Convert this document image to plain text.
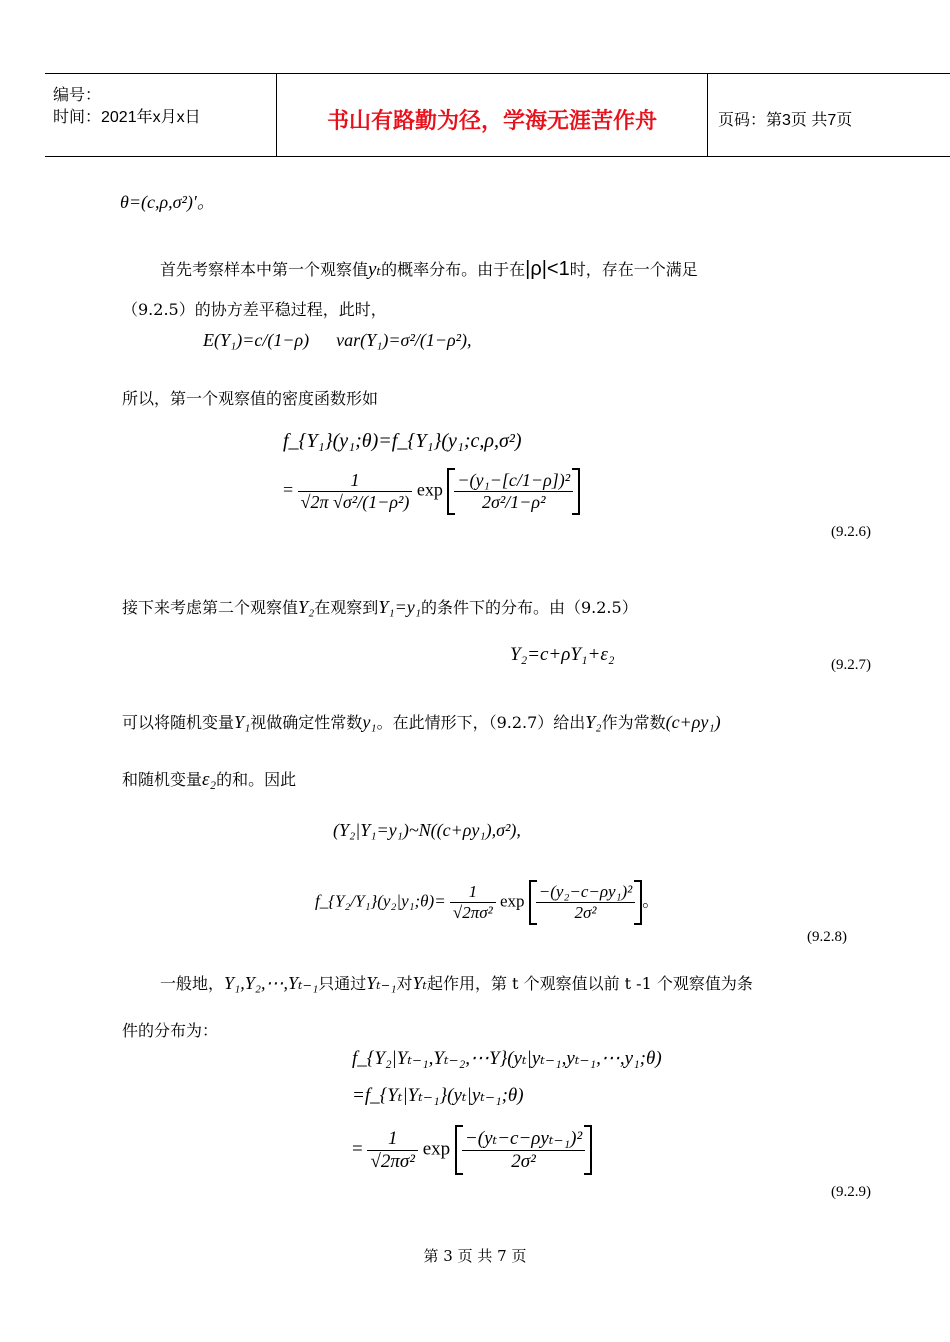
编号：
时间：2021年x月x日	书山有路勤为径，学海无涯苦作舟	页码：第3页 共7页
θ=(c,ρ,σ²)′。
首先考察样本中第一个观察值yₜ的概率分布。由于在|ρ|<1时，存在一个满足
（9.2.5）的协方差平稳过程，此时，
E(Y₁)=c/(1−ρ)      var(Y₁)=σ²/(1−ρ²),
所以，第一个观察值的密度函数形如
f_{Y₁}(y₁;θ)=f_{Y₁}(y₁;c,ρ,σ²)
= $\frac{1}{\text{√2π √σ²/(1−ρ²)}}$ $\exp \frac{\text{−(y₁−[c/1−ρ])²}}{\text{2σ²/1−ρ²}}$
(9.2.6)
接下来考虑第二个观察值Y₂在观察到Y₁=y₁的条件下的分布。由（9.2.5）
Y₂=c+ρY₁+ε₂	(9.2.7)
可以将随机变量Y₁视做确定性常数y₁。在此情形下，（9.2.7）给出Y₂作为常数(c+ρy₁)
和随机变量ε₂的和。因此
(Y₂|Y₁=y₁)~N((c+ρy₁),σ²),
f_{Y₂/Y₁}(y₂|y₁;θ)= $\frac{1}{\text{√2πσ²}}$ $\exp \frac{\text{−(y₂−c−ρy₁)²}}{\text{2σ²}}$ 。
(9.2.8)
一般地，Y₁,Y₂,⋯,Yₜ₋₁只通过Yₜ₋₁对Yₜ起作用，第 t 个观察值以前 t -1 个观察值为条
件的分布为：
f_{Y₂|Yₜ₋₁,Yₜ₋₂,⋯Y}(yₜ|yₜ₋₁,yₜ₋₁,⋯,y₁;θ)
=f_{Yₜ|Yₜ₋₁}(yₜ|yₜ₋₁;θ)
= $\frac{1}{\text{√2πσ²}}$ $\exp \frac{\text{−(yₜ−c−ρyₜ₋₁)²}}{\text{2σ²}}$
(9.2.9)
第 3 页 共 7 页
